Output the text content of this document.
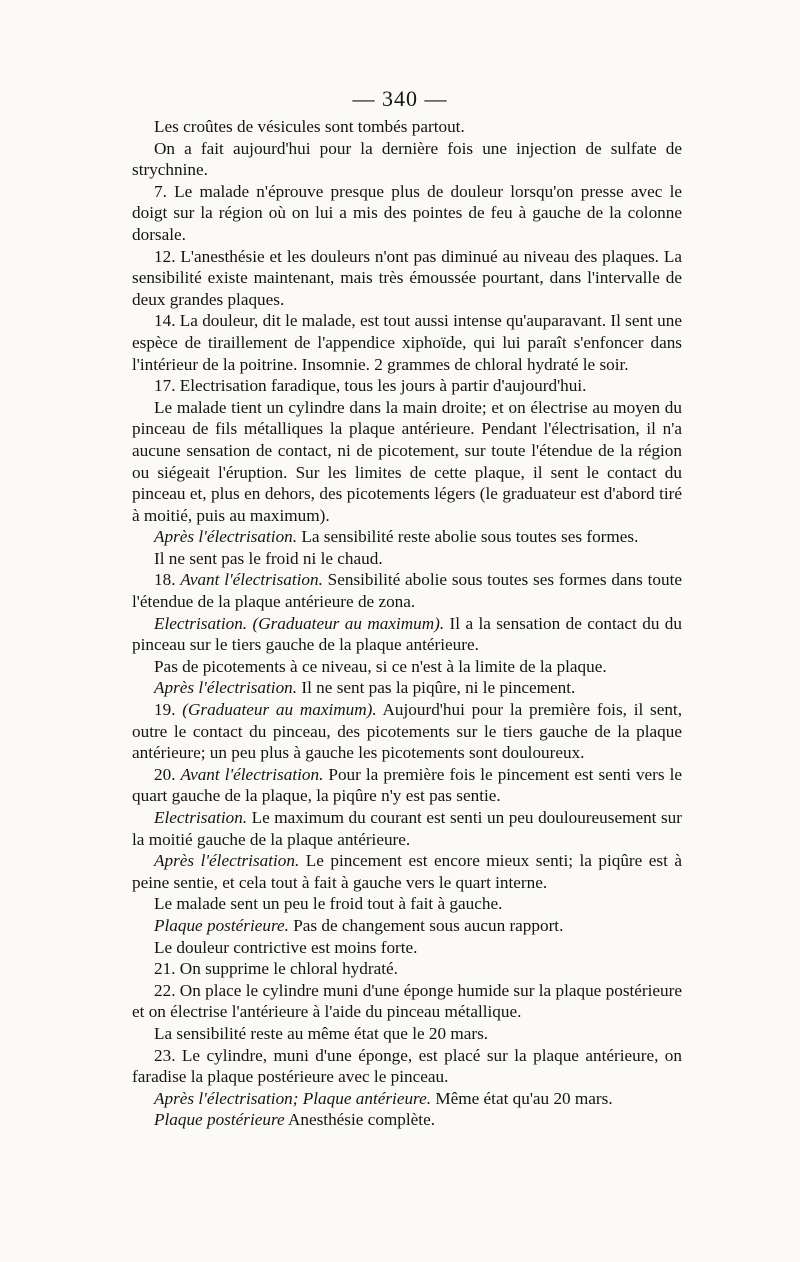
— 340 —

Les croûtes de vésicules sont tombés partout.

On a fait aujourd'hui pour la dernière fois une injection de sulfate de strychnine.

7. Le malade n'éprouve presque plus de douleur lorsqu'on presse avec le doigt sur la région où on lui a mis des pointes de feu à gauche de la colonne dorsale.

12. L'anesthésie et les douleurs n'ont pas diminué au niveau des plaques. La sensibilité existe maintenant, mais très émoussée pourtant, dans l'intervalle de deux grandes plaques.

14. La douleur, dit le malade, est tout aussi intense qu'auparavant. Il sent une espèce de tiraillement de l'appendice xiphoïde, qui lui paraît s'enfoncer dans l'intérieur de la poitrine. Insomnie. 2 grammes de chloral hydraté le soir.

17. Electrisation faradique, tous les jours à partir d'aujourd'hui.

Le malade tient un cylindre dans la main droite; et on électrise au moyen du pinceau de fils métalliques la plaque antérieure. Pendant l'électrisation, il n'a aucune sensation de contact, ni de picotement, sur toute l'étendue de la région ou siégeait l'éruption. Sur les limites de cette plaque, il sent le contact du pinceau et, plus en dehors, des picotements légers (le graduateur est d'abord tiré à moitié, puis au maximum).

Après l'électrisation. La sensibilité reste abolie sous toutes ses formes.

Il ne sent pas le froid ni le chaud.

18. Avant l'électrisation. Sensibilité abolie sous toutes ses formes dans toute l'étendue de la plaque antérieure de zona.

Electrisation. (Graduateur au maximum). Il a la sensation de contact du du pinceau sur le tiers gauche de la plaque antérieure.

Pas de picotements à ce niveau, si ce n'est à la limite de la plaque.

Après l'électrisation. Il ne sent pas la piqûre, ni le pincement.

19. (Graduateur au maximum). Aujourd'hui pour la première fois, il sent, outre le contact du pinceau, des picotements sur le tiers gauche de la plaque antérieure; un peu plus à gauche les picotements sont douloureux.

20. Avant l'électrisation. Pour la première fois le pincement est senti vers le quart gauche de la plaque, la piqûre n'y est pas sentie.

Electrisation. Le maximum du courant est senti un peu douloureusement sur la moitié gauche de la plaque antérieure.

Après l'électrisation. Le pincement est encore mieux senti; la piqûre est à peine sentie, et cela tout à fait à gauche vers le quart interne.

Le malade sent un peu le froid tout à fait à gauche.

Plaque postérieure. Pas de changement sous aucun rapport.

Le douleur contrictive est moins forte.

21. On supprime le chloral hydraté.

22. On place le cylindre muni d'une éponge humide sur la plaque postérieure et on électrise l'antérieure à l'aide du pinceau métallique.

La sensibilité reste au même état que le 20 mars.

23. Le cylindre, muni d'une éponge, est placé sur la plaque antérieure, on faradise la plaque postérieure avec le pinceau.

Après l'électrisation; Plaque antérieure. Même état qu'au 20 mars.

Plaque postérieure Anesthésie complète.
